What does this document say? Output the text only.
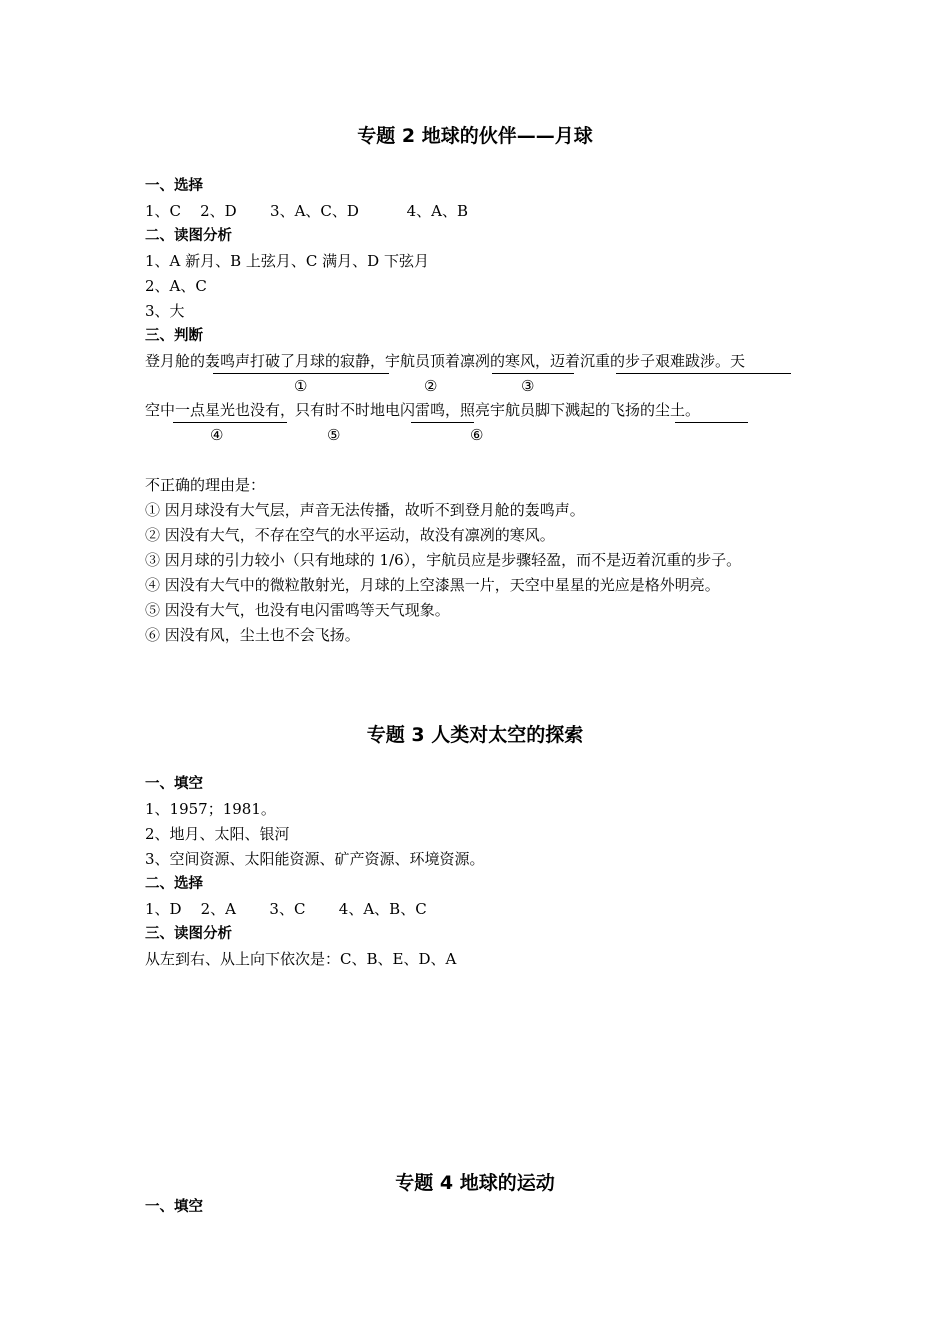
专题 2 地球的伙伴——月球
一、选择
1、C    2、D       3、A、C、D          4、A、B
二、读图分析
1、A 新月、B 上弦月、C 满月、D 下弦月
2、A、C
3、大
三、判断
登月舱的轰鸣声打破了月球的寂静，宇航员顶着凛冽的寒风，迈着沉重的步子艰难跋涉。天
①	②	③
空中一点星光也没有，只有时不时地电闪雷鸣，照亮宇航员脚下溅起的飞扬的尘土。
④	⑤	⑥
不正确的理由是：
① 因月球没有大气层，声音无法传播，故听不到登月舱的轰鸣声。
② 因没有大气，不存在空气的水平运动，故没有凛冽的寒风。
③ 因月球的引力较小（只有地球的 1/6），宇航员应是步骤轻盈，而不是迈着沉重的步子。
④ 因没有大气中的微粒散射光，月球的上空漆黑一片，天空中星星的光应是格外明亮。
⑤ 因没有大气，也没有电闪雷鸣等天气现象。
⑥ 因没有风，尘土也不会飞扬。
专题 3 人类对太空的探索
一、填空
1、1957；1981。
2、地月、太阳、银河
3、空间资源、太阳能资源、矿产资源、环境资源。
二、选择
1、D    2、A       3、C       4、A、B、C
三、读图分析
从左到右、从上向下依次是：C、B、E、D、A
专题 4 地球的运动
一、填空
